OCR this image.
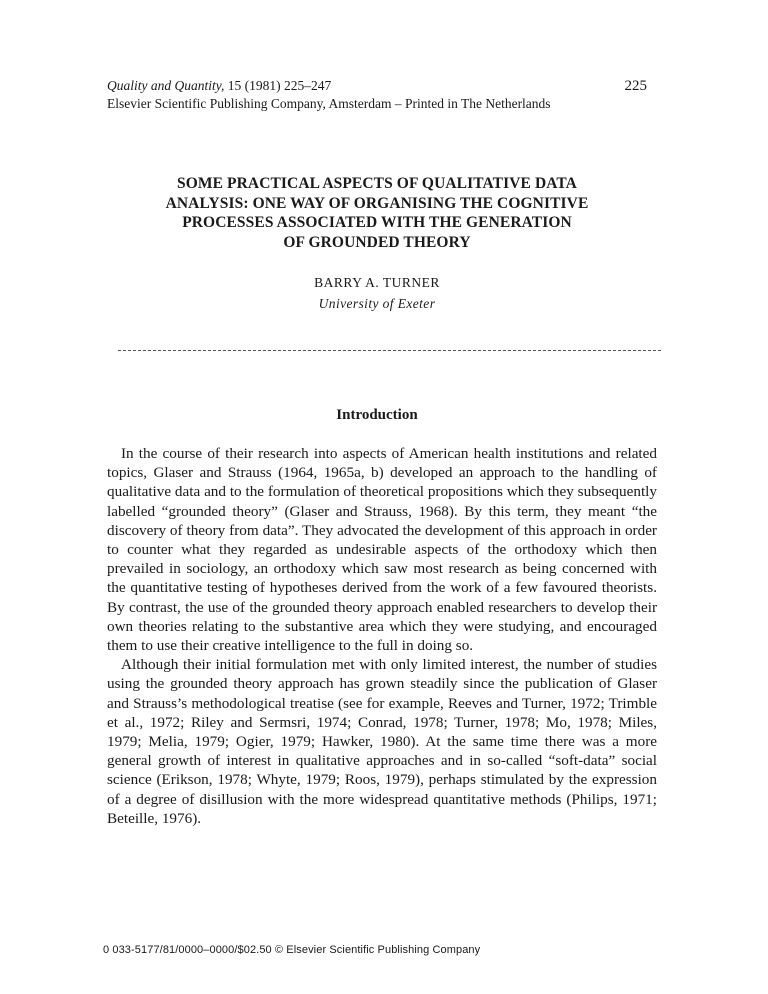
Quality and Quantity, 15 (1981) 225–247	225
Elsevier Scientific Publishing Company, Amsterdam – Printed in The Netherlands
SOME PRACTICAL ASPECTS OF QUALITATIVE DATA
ANALYSIS: ONE WAY OF ORGANISING THE COGNITIVE
PROCESSES ASSOCIATED WITH THE GENERATION
OF GROUNDED THEORY
BARRY A. TURNER
University of Exeter
Introduction

In the course of their research into aspects of American health institutions and related topics, Glaser and Strauss (1964, 1965a, b) developed an approach to the handling of qualitative data and to the formulation of theoretical propositions which they subsequently labelled “grounded theory” (Glaser and Strauss, 1968). By this term, they meant “the discovery of theory from data”. They advocated the development of this approach in order to counter what they regarded as undesirable aspects of the orthodoxy which then prevailed in sociology, an orthodoxy which saw most research as being concerned with the quantitative testing of hypotheses derived from the work of a few favoured theorists. By contrast, the use of the grounded theory approach enabled researchers to develop their own theories relating to the substantive area which they were studying, and encouraged them to use their creative intelligence to the full in doing so.

Although their initial formulation met with only limited interest, the number of studies using the grounded theory approach has grown steadily since the publication of Glaser and Strauss’s methodological treatise (see for example, Reeves and Turner, 1972; Trimble et al., 1972; Riley and Sermsri, 1974; Conrad, 1978; Turner, 1978; Mo, 1978; Miles, 1979; Melia, 1979; Ogier, 1979; Hawker, 1980). At the same time there was a more general growth of interest in qualitative approaches and in so-called “soft-data” social science (Erikson, 1978; Whyte, 1979; Roos, 1979), perhaps stimulated by the expression of a degree of disillusion with the more widespread quantitative methods (Philips, 1971; Beteille, 1976).

0 033-5177/81/0000–0000/$02.50 © Elsevier Scientific Publishing Company
